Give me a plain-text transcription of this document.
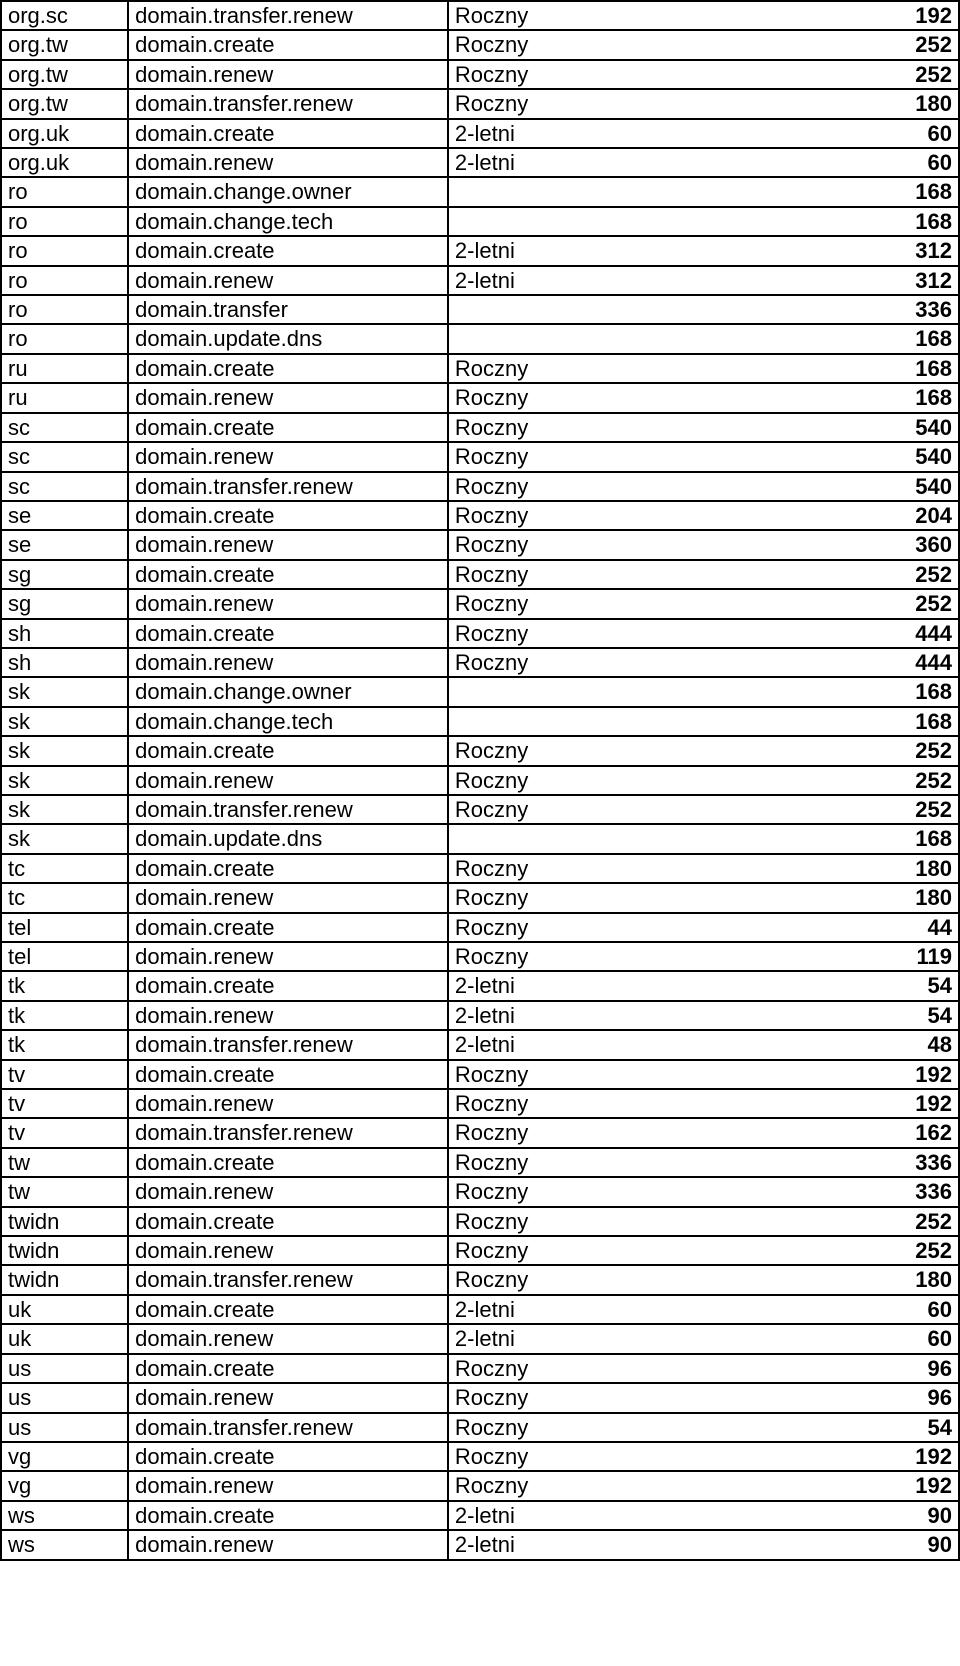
org.sc	domain.transfer.renew	Roczny	192
org.tw	domain.create	Roczny	252
org.tw	domain.renew	Roczny	252
org.tw	domain.transfer.renew	Roczny	180
org.uk	domain.create	2-letni	60
org.uk	domain.renew	2-letni	60
ro	domain.change.owner		168
ro	domain.change.tech		168
ro	domain.create	2-letni	312
ro	domain.renew	2-letni	312
ro	domain.transfer		336
ro	domain.update.dns		168
ru	domain.create	Roczny	168
ru	domain.renew	Roczny	168
sc	domain.create	Roczny	540
sc	domain.renew	Roczny	540
sc	domain.transfer.renew	Roczny	540
se	domain.create	Roczny	204
se	domain.renew	Roczny	360
sg	domain.create	Roczny	252
sg	domain.renew	Roczny	252
sh	domain.create	Roczny	444
sh	domain.renew	Roczny	444
sk	domain.change.owner		168
sk	domain.change.tech		168
sk	domain.create	Roczny	252
sk	domain.renew	Roczny	252
sk	domain.transfer.renew	Roczny	252
sk	domain.update.dns		168
tc	domain.create	Roczny	180
tc	domain.renew	Roczny	180
tel	domain.create	Roczny	44
tel	domain.renew	Roczny	119
tk	domain.create	2-letni	54
tk	domain.renew	2-letni	54
tk	domain.transfer.renew	2-letni	48
tv	domain.create	Roczny	192
tv	domain.renew	Roczny	192
tv	domain.transfer.renew	Roczny	162
tw	domain.create	Roczny	336
tw	domain.renew	Roczny	336
twidn	domain.create	Roczny	252
twidn	domain.renew	Roczny	252
twidn	domain.transfer.renew	Roczny	180
uk	domain.create	2-letni	60
uk	domain.renew	2-letni	60
us	domain.create	Roczny	96
us	domain.renew	Roczny	96
us	domain.transfer.renew	Roczny	54
vg	domain.create	Roczny	192
vg	domain.renew	Roczny	192
ws	domain.create	2-letni	90
ws	domain.renew	2-letni	90
